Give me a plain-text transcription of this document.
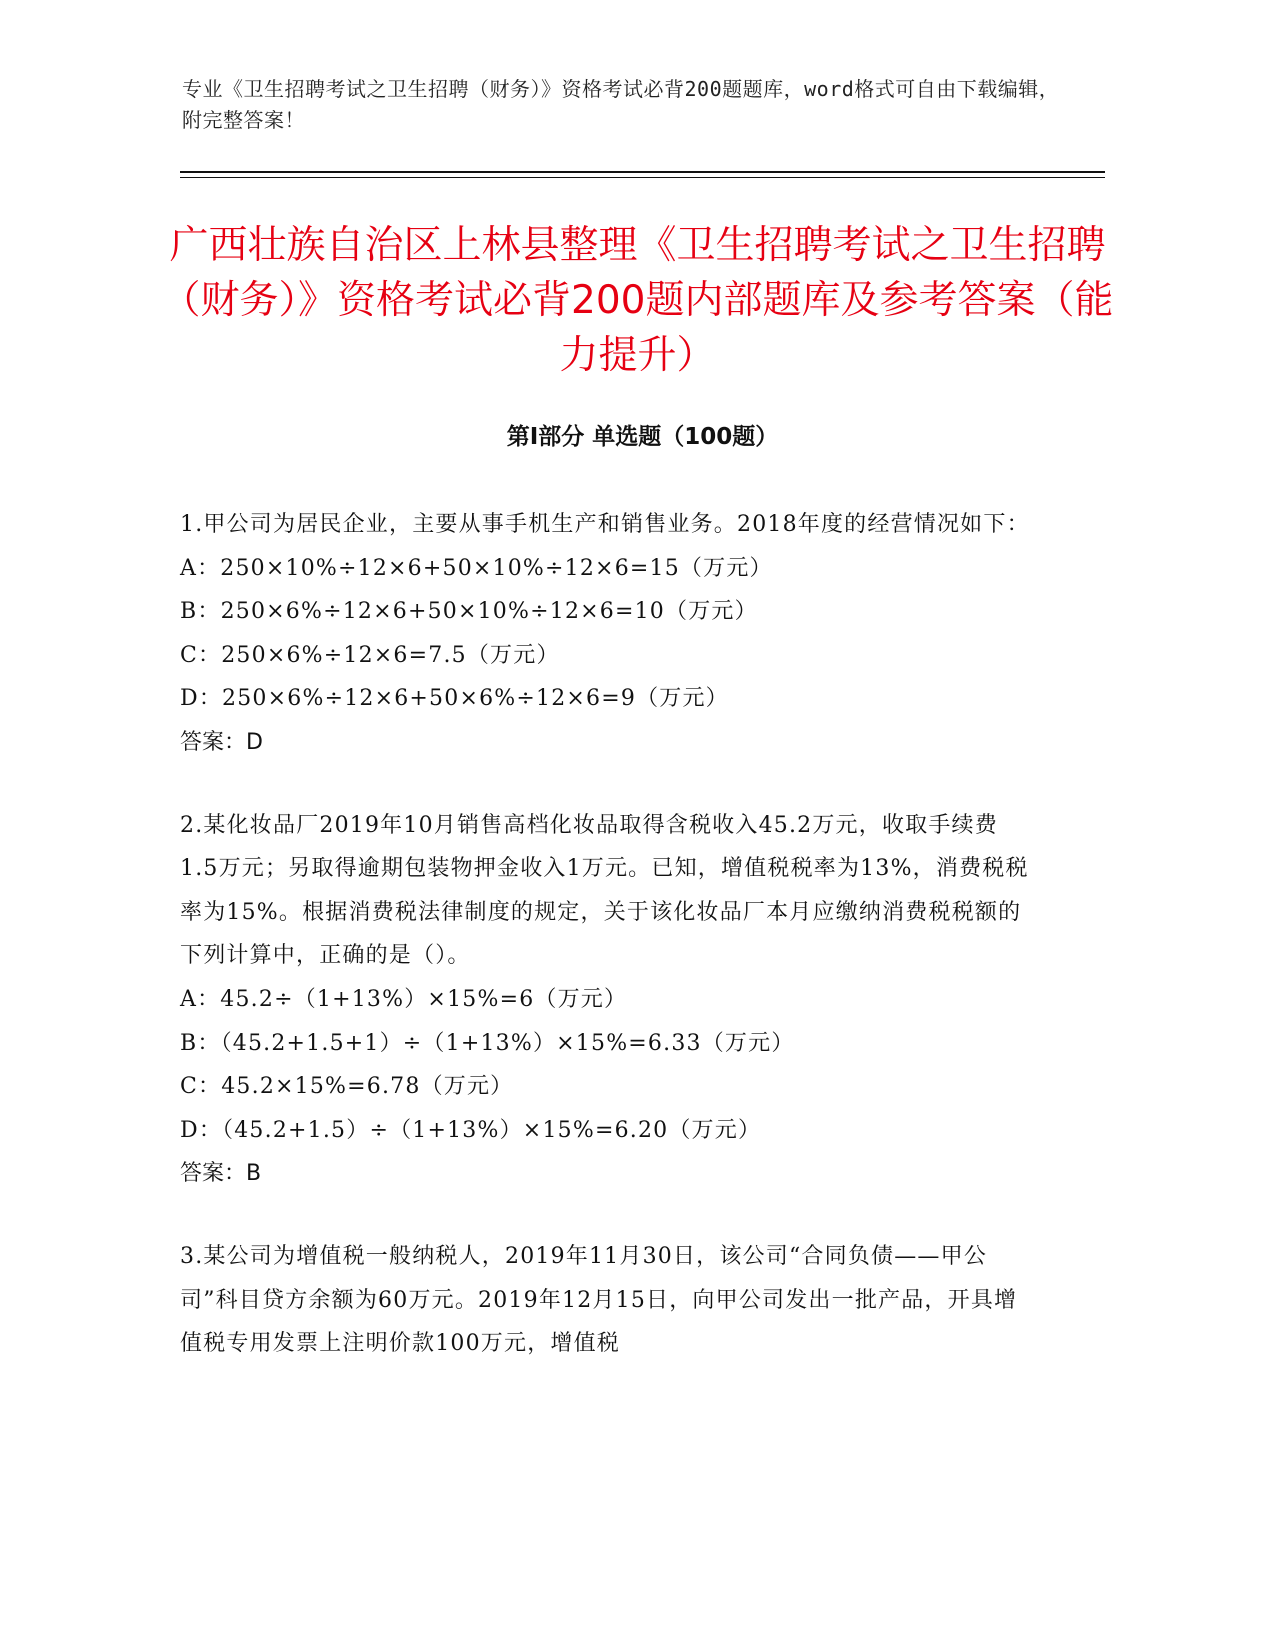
专业《卫生招聘考试之卫生招聘（财务）》资格考试必背200题题库，word格式可自由下载编辑，附完整答案！
广西壮族自治区上林县整理《卫生招聘考试之卫生招聘（财务）》资格考试必背200题内部题库及参考答案（能力提升）
第I部分 单选题（100题）
1.甲公司为居民企业，主要从事手机生产和销售业务。2018年度的经营情况如下：
A：250×10%÷12×6+50×10%÷12×6=15（万元）
B：250×6%÷12×6+50×10%÷12×6=10（万元）
C：250×6%÷12×6=7.5（万元）
D：250×6%÷12×6+50×6%÷12×6=9（万元）
答案：D
2.某化妆品厂2019年10月销售高档化妆品取得含税收入45.2万元，收取手续费1.5万元；另取得逾期包装物押金收入1万元。已知，增值税税率为13%，消费税税率为15%。根据消费税法律制度的规定，关于该化妆品厂本月应缴纳消费税税额的下列计算中，正确的是（）。
A：45.2÷（1+13%）×15%=6（万元）
B：（45.2+1.5+1）÷（1+13%）×15%=6.33（万元）
C：45.2×15%=6.78（万元）
D：（45.2+1.5）÷（1+13%）×15%=6.20（万元）
答案：B
3.某公司为增值税一般纳税人，2019年11月30日，该公司“合同负债——甲公司”科目贷方余额为60万元。2019年12月15日，向甲公司发出一批产品，开具增值税专用发票上注明价款100万元，增值税
